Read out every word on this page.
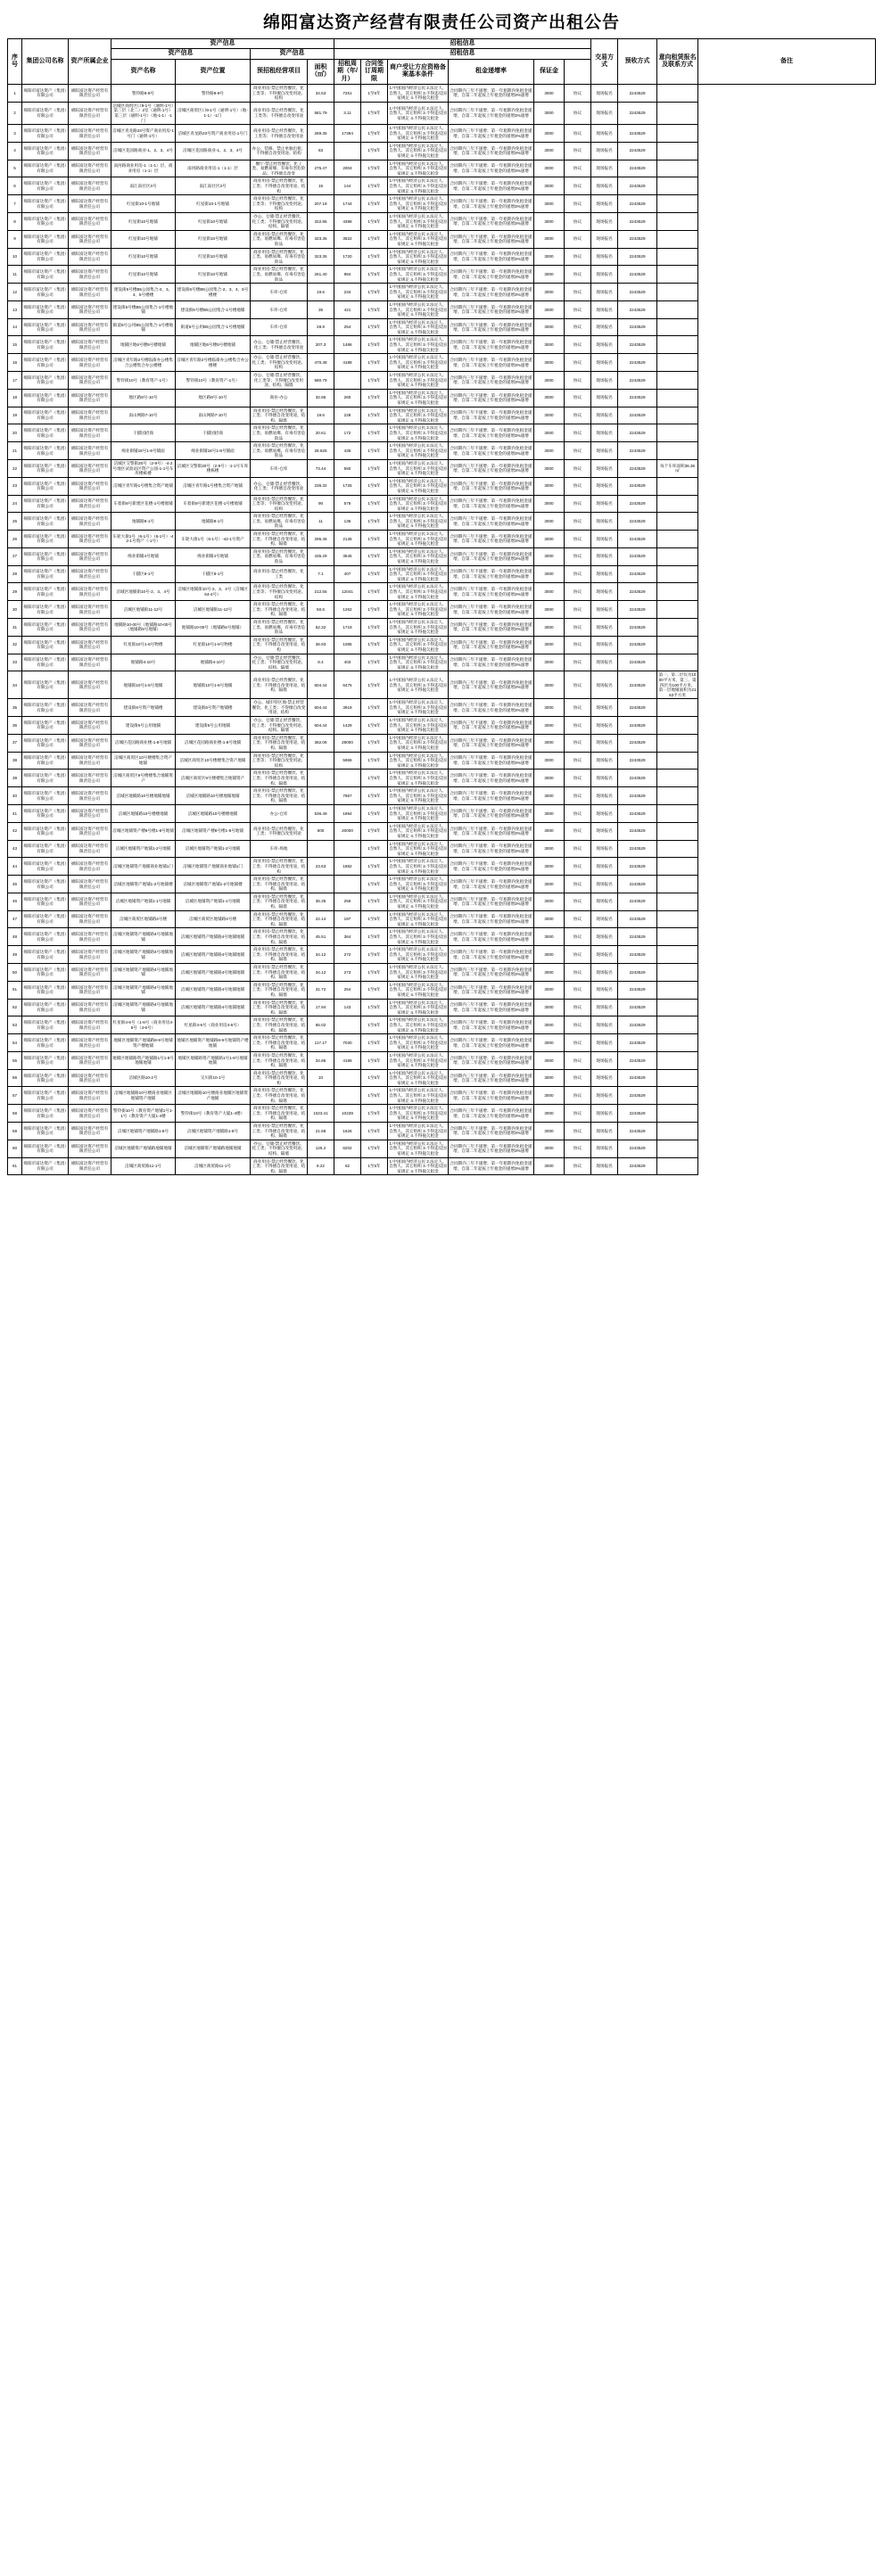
绵阳富达资产经营有限责任公司资产出租公告
序号	集团公司名称	资产所属企业	资产信息				招租信息						交易方式	预收方式	意向租赁报名及联系方式	备注
			资产信息		资产信息		招租信息									
			资产名称	资产位置	预招租经营项目	面积（㎡）	招租周期（年/月）	合同签订周期限	商户受让方应资格备案基本条件	租金递增率	保证金					
1	绵阳市富达资产（集团）有限公司	绵阳富达资产经营有限责任公司	警铃路9-9号	警铃路9-9号	商业用房-禁止经营餐饮、化工类等；不得擅自改变用途、结构	34.53	7251	1至5年	1.中国国内经济公民 2.法定人、自然人、其它组织 3.不得违反国家规定 4.不得拖欠租金	合同期内三年不递增；第一年租期内免租金递增，自第二年起按上年租金的递增3%递增	3000	协议	现场报名	2243529		
2	绵阳市富达资产（集团）有限公司	绵阳富达资产经营有限责任公司	涪城区商贸区口9-1号（通明-1号）第三层（北二）2室（通明-1号）第三层（通明-1号）（地-1-1）-1门	涪城区商贸区口9-1号（通明-1号）（地-1-1）-1门	商业用房-禁止经营餐饮、化工类等；不得擅自改变用途	581.79	3.11	1至5年	1.中国国内经济公民 2.法定人、自然人、其它组织 3.不得违反国家规定 4.不得拖欠租金	合同期内三年不递增；第一年租期内免租金递增，自第二年起按上年租金的递增3%递增	3000	协议	现场报名	2243529		
3	绵阳市富达资产（集团）有限公司	绵阳富达资产经营有限责任公司	涪城区青龙路23号资产商业用房-1号门（通明-1号）	涪城区青龙路23号资产商业用房-1号门	商业用房-禁止经营餐饮、化工类等；不得擅自改变用途	269.35	17394	1至5年	1.中国国内经济公民 2.法定人、自然人、其它组织 3.不得违反国家规定 4.不得拖欠租金	合同期内三年不递增；第一年租期内免租金递增，自第二年起按上年租金的递增3%递增	3000	协议	现场报名	2243529		
4	绵阳市富达资产（集团）有限公司	绵阳富达资产经营有限责任公司	涪城区花园路商业-1、2、3、4号	涪城区花园路商业-1、2、3、4号	办公、装修、禁止单独出租；不得擅自改变用途、结构	83		1至5年	1.中国国内经济公民 2.法定人、自然人、其它组织 3.不得违反国家规定 4.不得拖欠租金	合同期内三年不递增；第一年租期内免租金递增，自第二年起按上年租金的递增3%递增	3000	协议	现场报名	2243529		
5	绵阳市富达资产（集团）有限公司	绵阳富达资产经营有限责任公司	南河路商业用房-1（1-1）层、商业用房（1-1）层	南河路商业用房-1（1-1）层	餐厅-禁止经营餐饮、化工类、易燃易爆、有毒有害危险品；不得擅自改变	275.47	2004	1至5年	1.中国国内经济公民 2.法定人、自然人、其它组织 3.不得违反国家规定 4.不得拖欠租金	合同期内三年不递增；第一年租期内免租金递增，自第二年起按上年租金的递增3%递增	3000	协议	现场报名	2243529		
6	绵阳市富达资产（集团）有限公司	绵阳富达资产经营有限责任公司	南江南社区3号	南江南社区3号	商业用房-禁止经营餐饮、化工类；不得擅自改变用途、结构	15	144	1至5年	1.中国国内经济公民 2.法定人、自然人、其它组织 3.不得违反国家规定 4.不得拖欠租金	合同期内三年不递增；第一年租期内免租金递增，自第二年起按上年租金的递增3%递增	3000	协议	现场报名	2243529		
7	绵阳市富达资产（集团）有限公司	绵阳富达资产经营有限责任公司	红星街10-1号地铺	红星街10-1号地铺	商业用房-禁止经营餐饮、化工类等；不得擅自改变用途、结构	207.18	1744	1至5年	1.中国国内经济公民 2.法定人、自然人、其它组织 3.不得违反国家规定 4.不得拖欠租金	合同期内三年不递增；第一年租期内免租金递增，自第二年起按上年租金的递增3%递增	3000	协议	现场报名	2243529		
8	绵阳市富达资产（集团）有限公司	绵阳富达资产经营有限责任公司	红星街10号地铺	红星街10号地铺	办公、仓储-禁止经营餐饮、化工类；不得擅自改变用途、结构、隔墙	322.95	4398	1至5年	1.中国国内经济公民 2.法定人、自然人、其它组织 3.不得违反国家规定 4.不得拖欠租金	合同期内三年不递增；第一年租期内免租金递增，自第二年起按上年租金的递增3%递增	3000	协议	现场报名	2243529		
9	绵阳市富达资产（集团）有限公司	绵阳富达资产经营有限责任公司	红星街10号地铺	红星街10号地铺	商业用房-禁止经营餐饮、化工类、易燃易爆、有毒有害危险品	323.35	3622	1至5年	1.中国国内经济公民 2.法定人、自然人、其它组织 3.不得违反国家规定 4.不得拖欠租金	合同期内三年不递增；第一年租期内免租金递增，自第二年起按上年租金的递增3%递增	3000	协议	现场报名	2243529		
10	绵阳市富达资产（集团）有限公司	绵阳富达资产经营有限责任公司	红星街10号地铺	红星街10号地铺	商业用房-禁止经营餐饮、化工类、易燃易爆、有毒有害危险品	323.35	1720	1至5年	1.中国国内经济公民 2.法定人、自然人、其它组织 3.不得违反国家规定 4.不得拖欠租金	合同期内三年不递增；第一年租期内免租金递增，自第二年起按上年租金的递增3%递增	3000	协议	现场报名	2243529		
11	绵阳市富达资产（集团）有限公司	绵阳富达资产经营有限责任公司	红星街10号地铺	红星街10号地铺	商业用房-禁止经营餐饮、化工类、易燃易爆、有毒有害危险品	261.40	984	1至5年	1.中国国内经济公民 2.法定人、自然人、其它组织 3.不得违反国家规定 4.不得拖欠租金	合同期内三年不递增；第一年租期内免租金递增，自第二年起按上年租金的递增3%递增	3000	协议	现场报名	2243529		
12	绵阳市富达资产（集团）有限公司	绵阳富达资产经营有限责任公司	建设街6号楼B5公园集合-2、3、4、5号楼楼	建设街6号楼B5公园集合-2、3、4、5号楼楼	车库-仓库	19.5	234	1至5年	1.中国国内经济公民 2.法定人、自然人、其它组织 3.不得违反国家规定 4.不得拖欠租金	合同期内三年不递增；第一年租期内免租金递增，自第二年起按上年租金的递增3%递增	3000	协议	现场报名	2243529		
13	绵阳市富达资产（集团）有限公司	绵阳富达资产经营有限责任公司	建设街6号楼B5公园集合-1号楼地铺	建设街6号楼B5公园集合-1号楼地铺	车库-仓库	35	421	1至5年	1.中国国内经济公民 2.法定人、自然人、其它组织 3.不得违反国家规定 4.不得拖欠租金	合同期内三年不递增；第一年租期内免租金递增，自第二年起按上年租金的递增3%递增	3000	协议	现场报名	2243529		
14	绵阳市富达资产（集团）有限公司	绵阳富达资产经营有限责任公司	街道6号公用B5公园集合-1号楼地铺	街道6号公用B5公园集合-1号楼地铺	车库-仓库	28.9	254	1至5年	1.中国国内经济公民 2.法定人、自然人、其它组织 3.不得违反国家规定 4.不得拖欠租金	合同期内三年不递增；第一年租期内免租金递增，自第二年起按上年租金的递增3%递增	3000	协议	现场报名	2243529		
15	绵阳市富达资产（集团）有限公司	绵阳富达资产经营有限责任公司	地铺区地6号楼5号楼地铺	地铺区地6号楼5号楼地铺	办公、仓储-禁止经营餐饮、化工类；不得擅自改变用途	207.3	1486	1至5年	1.中国国内经济公民 2.法定人、自然人、其它组织 3.不得违反国家规定 4.不得拖欠租金	合同期内三年不递增；第一年租期内免租金递增，自第二年起按上年租金的递增3%递增	3000	协议	现场报名	2243529		
16	绵阳市富达资产（集团）有限公司	绵阳富达资产经营有限责任公司	涪城区青年路2号楼临街办公楼集合公楼集合办公楼楼	涪城区青年路2号楼临街办公楼集合办公楼楼	办公、仓储-禁止经营餐饮、化工类；不得擅自改变用途、结构	470.48	4188	1至5年	1.中国国内经济公民 2.法定人、自然人、其它组织 3.不得违反国家规定 4.不得拖欠租金	合同期内三年不递增；第一年租期内免租金递增，自第二年起按上年租金的递增3%递增	3000	协议	现场报名	2243529		
17	绵阳市富达资产（集团）有限公司	绵阳富达资产经营有限责任公司	警铃街10号（教育资产-1号）	警铃街10号（教育资产-1号）	办公、仓储-禁止经营餐饮、化工类等；不得擅自改变用途、结构、隔墙	580.79		1至5年	1.中国国内经济公民 2.法定人、自然人、其它组织 3.不得违反国家规定 4.不得拖欠租金	合同期内三年不递增；第一年租期内免租金递增，自第二年起按上年租金的递增3%递增	3000	协议	现场报名	2243529		
18	绵阳市富达资产（集团）有限公司	绵阳富达资产经营有限责任公司	地区路8号-10号	地区路8号-10号	商业-办公	32.85	260	1至5年	1.中国国内经济公民 2.法定人、自然人、其它组织 3.不得违反国家规定 4.不得拖欠租金	合同期内三年不递增；第一年租期内免租金递增，自第二年起按上年租金的递增3%递增	3000	协议	现场报名	2243529		
19	绵阳市富达资产（集团）有限公司	绵阳富达资产经营有限责任公司	南山网路7-10号	南山网路7-10号	商业用房-禁止经营餐饮、化工类；不得擅自改变用途、结构、隔墙	19.6	228	1至5年	1.中国国内经济公民 2.法定人、自然人、其它组织 3.不得违反国家规定 4.不得拖欠租金	合同期内三年不递增；第一年租期内免租金递增，自第二年起按上年租金的递增3%递增	3000	协议	现场报名	2243529		
20	绵阳市富达资产（集团）有限公司	绵阳富达资产经营有限责任公司	干猫园招商	干猫园招商	商业用房-禁止经营餐饮、化工类、易燃易爆、有毒有害危险品	20.61	172	1至5年	1.中国国内经济公民 2.法定人、自然人、其它组织 3.不得违反国家规定 4.不得拖欠租金	合同期内三年不递增；第一年租期内免租金递增，自第二年起按上年租金的递增3%递增	3000	协议	现场报名	2243529		
21	绵阳市富达资产（集团）有限公司	绵阳富达资产经营有限责任公司	绵业街铺18号1-8号铺面	绵业街铺18号1-8号铺面	商业用房-禁止经营餐饮、化工类、易燃易爆、有毒有害危险品	28.625	435	1至5年	1.中国国内经济公民 2.法定人、自然人、其它组织 3.不得违反国家规定 4.不得拖欠租金	合同期内三年不递增；第一年租期内免租金递增，自第二年起按上年租金的递增3%递增	3000	协议	现场报名	2243529		
22	绵阳市富达资产（集团）有限公司	绵阳富达资产经营有限责任公司	涪城区交警街20号（2-9号）-4-2号地区试验站区资产公园-1-1号车库楼栋楼	涪城区交警街20号（2-9号）-1-1号车库楼栋楼	车库-仓库	73.44	550	1至5年	1.中国国内经济公民 2.法定人、自然人、其它组织 3.不得违反国家规定 4.不得拖欠租金	合同期内三年不递增；第一年租期内免租金递增，自第二年起按上年租金的递增3%递增	3000	协议	现场报名	2243529	每个车库面积36.36㎡	
23	绵阳市富达资产（集团）有限公司	绵阳富达资产经营有限责任公司	涪城区青年路1号楼集合资产地铺	涪城区青年路1号楼集合资产地铺	办公、仓储-禁止经营餐饮、化工类；不得擅自改变用途	236.32	1725	1至5年	1.中国国内经济公民 2.法定人、自然人、其它组织 3.不得违反国家规定 4.不得拖欠租金	合同期内三年不递增；第一年租期内免租金递增，自第二年起按上年租金的递增3%递增	3000	协议	现场报名	2243529		
24	绵阳市富达资产（集团）有限公司	绵阳富达资产经营有限责任公司	车着街8号新建区花楼-1号楼地铺	车着街8号新建区花楼-1号楼地铺	商业用房-禁止经营餐饮、化工类等；不得擅自改变用途、结构	90	576	1至5年	1.中国国内经济公民 2.法定人、自然人、其它组织 3.不得违反国家规定 4.不得拖欠租金	合同期内三年不递增；第一年租期内免租金递增，自第二年起按上年租金的递增3%递增	3000	协议	现场报名	2243529		
25	绵阳市富达资产（集团）有限公司	绵阳富达资产经营有限责任公司	地铺路8-1号	地铺路8-1号	商业用房-禁止经营餐饮、化工类、易燃易爆、有毒有害危险品	11	136	1至5年	1.中国国内经济公民 2.法定人、自然人、其它组织 3.不得违反国家规定 4.不得拖欠租金	合同期内三年不递增；第一年租期内免租金递增，自第二年起按上年租金的递增3%递增	3000	协议	现场报名	2243529		
26	绵阳市富达资产（集团）有限公司	绵阳富达资产经营有限责任公司	车轮大街1号（6-1号）（6-1号）-42-1号资产（-1号）	车轮大街1号（6-1号）-42-1号资产	商业用房-禁止经营餐饮、化工类；不得擅自改变用途、结构、隔墙	295.46	2136	1至5年	1.中国国内经济公民 2.法定人、自然人、其它组织 3.不得违反国家规定 4.不得拖欠租金	合同期内三年不递增；第一年租期内免租金递增，自第二年起按上年租金的递增3%递增	3000	协议	现场报名	2243529		
27	绵阳市富达资产（集团）有限公司	绵阳富达资产经营有限责任公司	绵业街铺4号地铺	绵业街铺4号地铺	商业用房-禁止经营餐饮、化工类、易燃易爆、有毒有害危险品	435.29	3545	1至5年	1.中国国内经济公民 2.法定人、自然人、其它组织 3.不得违反国家规定 4.不得拖欠租金	合同期内三年不递增；第一年租期内免租金递增，自第二年起按上年租金的递增3%递增	3000	协议	现场报名	2243529		
28	绵阳市富达资产（集团）有限公司	绵阳富达资产经营有限责任公司	干猫区8-1号	干猫区8-1号	商业用房-禁止经营餐饮、化工类	7.1	407	1至5年	1.中国国内经济公民 2.法定人、自然人、其它组织 3.不得违反国家规定 4.不得拖欠租金	合同期内三年不递增；第一年租期内免租金递增，自第二年起按上年租金的递增3%递增	3000	协议	现场报名	2243529		
29	绵阳市富达资产（集团）有限公司	绵阳富达资产经营有限责任公司	涪城区地铺街10号-2、3、4号	涪城区地铺街10号-2、3、4号（涪城区64-4号）	商业用房-禁止经营餐饮、化工类等；不得擅自改变用途、结构	212.55	12041	1至5年	1.中国国内经济公民 2.法定人、自然人、其它组织 3.不得违反国家规定 4.不得拖欠租金	合同期内三年不递增；第一年租期内免租金递增，自第二年起按上年租金的递增3%递增	3000	协议	现场报名	2243529		
30	绵阳市富达资产（集团）有限公司	绵阳富达资产经营有限责任公司	涪城区地铺街11-12号	涪城区地铺街11-12号	商业用房-禁止经营餐饮、化工类；不得擅自改变用途、结构、隔墙	50.6	1262	1至5年	1.中国国内经济公民 2.法定人、自然人、其它组织 3.不得违反国家规定 4.不得拖欠租金	合同期内三年不递增；第一年租期内免租金递增，自第二年起按上年租金的递增3%递增	3000	协议	现场报名	2243529		
31	绵阳市富达资产（集团）有限公司	绵阳富达资产经营有限责任公司	地铺路10-00号（地铺路10-00号（地铺路5号地铺）	地铺路10-00号（地铺路5号地铺）	商业用房-禁止经营餐饮、化工类、易燃易爆、有毒有害危险品	52.32	1719	1至5年	1.中国国内经济公民 2.法定人、自然人、其它组织 3.不得违反国家规定 4.不得拖欠租金	合同期内三年不递增；第一年租期内免租金递增，自第二年起按上年租金的递增3%递增	3000	协议	现场报名	2243529		
32	绵阳市富达资产（集团）有限公司	绵阳富达资产经营有限责任公司	红星街10号1-6号物楼	红星街10号1-6号物楼	商业用房-禁止经营餐饮、化工类；不得擅自改变用途、结构	36.93	1085	1至5年	1.中国国内经济公民 2.法定人、自然人、其它组织 3.不得违反国家规定 4.不得拖欠租金	合同期内三年不递增；第一年租期内免租金递增，自第二年起按上年租金的递增3%递增	3000	协议	现场报名	2243529		
33	绵阳市富达资产（集团）有限公司	绵阳富达资产经营有限责任公司	地铺路4-10号	地铺路4-10号	办公、仓储-禁止经营餐饮、化工类；不得擅自改变用途、结构、隔墙	8.4	403	1至5年	1.中国国内经济公民 2.法定人、自然人、其它组织 3.不得违反国家规定 4.不得拖欠租金	合同期内三年不递增；第一年租期内免租金递增，自第二年起按上年租金的递增3%递增	3000	协议	现场报名	2243529		
34	绵阳市富达资产（集团）有限公司	绵阳富达资产经营有限责任公司	地铺街10号1-6号地铺	地铺街10号1-6号地铺	商业用房-禁止经营餐饮、化工类；不得擅自改变用途、结构、隔墙	604.44	6475	1至5年	1.中国国内经济公民 2.法定人、自然人、其它组织 3.不得违反国家规定 4.不得拖欠租金	合同期内三年不递增；第一年租期内免租金递增，自第二年起按上年租金的递增3%递增	3000	协议	现场报名	2243529	第一、第二层仅为1000平方米，第三、第四层为100平方米，第一层地铺面积为2163平方米	
35	绵阳市富达资产（集团）有限公司	绵阳富达资产经营有限责任公司	建设街6号资产地铺楼	建设街6号资产地铺楼	办公、城市特区地-禁止经营餐饮、化工类；不得擅自改变用途、结构	604.44	3919	1至5年	1.中国国内经济公民 2.法定人、自然人、其它组织 3.不得违反国家规定 4.不得拖欠租金	合同期内三年不递增；第一年租期内免租金递增，自第二年起按上年租金的递增3%递增	3000	协议	现场报名	2243529		
36	绵阳市富达资产（集团）有限公司	绵阳富达资产经营有限责任公司	建设街6号公用地铺	建设街6号公用地铺	办公、仓储-禁止经营餐饮、化工类；不得擅自改变用途、结构、隔墙	604.44	1429	1至5年	1.中国国内经济公民 2.法定人、自然人、其它组织 3.不得违反国家规定 4.不得拖欠租金	合同期内三年不递增；第一年租期内免租金递增，自第二年起按上年租金的递增3%递增	3000	协议	现场报名	2243529		
37	绵阳市富达资产（集团）有限公司	绵阳富达资产经营有限责任公司	涪城区花园路商业楼-1-8号地铺	涪城区花园路商业楼-1-8号地铺	商业用房-禁止经营餐饮、化工类；不得擅自改变用途、结构、隔墙	382.06	29000	1至5年	1.中国国内经济公民 2.法定人、自然人、其它组织 3.不得违反国家规定 4.不得拖欠租金	合同期内三年不递增；第一年租期内免租金递增，自第二年起按上年租金的递增3%递增	3000	协议	现场报名	2243529		
38	绵阳市富达资产（集团）有限公司	绵阳富达资产经营有限责任公司	涪城区商贸区10号楼楼集合资产地铺	涪城区商贸区10号楼楼集合资产地铺	商业用房-禁止经营餐饮、化工类等；不得擅自改变用途、结构		5966	1至5年	1.中国国内经济公民 2.法定人、自然人、其它组织 3.不得违反国家规定 4.不得拖欠租金	合同期内三年不递增；第一年租期内免租金递增，自第二年起按上年租金的递增3%递增	3000	协议	现场报名	2243529		
39	绵阳市富达资产（集团）有限公司	绵阳富达资产经营有限责任公司	涪城区商贸区9号楼楼集合地铺资产	涪城区商贸区9号楼楼集合地铺资产	商业用房-禁止经营餐饮、化工类；不得擅自改变用途、结构、隔墙			1至5年	1.中国国内经济公民 2.法定人、自然人、其它组织 3.不得违反国家规定 4.不得拖欠租金	合同期内三年不递增；第一年租期内免租金递增，自第二年起按上年租金的递增3%递增	3000	协议	现场报名	2243529		
40	绵阳市富达资产（集团）有限公司	绵阳富达资产经营有限责任公司	涪城区地铺路10号楼地铺地铺	涪城区地铺路10号楼地铺地铺	商业用房-禁止经营餐饮、化工类；不得擅自改变用途、结构、隔墙		7957	1至5年	1.中国国内经济公民 2.法定人、自然人、其它组织 3.不得违反国家规定 4.不得拖欠租金	合同期内三年不递增；第一年租期内免租金递增，自第二年起按上年租金的递增3%递增	3000	协议	现场报名	2243529		
41	绵阳市富达资产（集团）有限公司	绵阳富达资产经营有限责任公司	涪城区地铺路10号楼楼地铺	涪城区地铺路10号楼楼地铺	办公-仓库	536.49	1894	1至5年	1.中国国内经济公民 2.法定人、自然人、其它组织 3.不得违反国家规定 4.不得拖欠租金	合同期内三年不递增；第一年租期内免租金递增，自第二年起按上年租金的递增3%递增	3000	协议	现场报名	2243529		
42	绵阳市富达资产（集团）有限公司	绵阳富达资产经营有限责任公司	涪城区地铺资产楼8号楼1-8号地铺	涪城区地铺资产楼8号楼1-8号地铺	商业用房-禁止经营餐饮、化工类；不得擅自改变用途	600	20000	1至5年	1.中国国内经济公民 2.法定人、自然人、其它组织 3.不得违反国家规定 4.不得拖欠租金	合同期内三年不递增；第一年租期内免租金递增，自第二年起按上年租金的递增3%递增	3000	协议	现场报名	2243529		
43	绵阳市富达资产（集团）有限公司	绵阳富达资产经营有限责任公司	涪城区地铺资产地铺1-2号地铺	涪城区地铺资产地铺1-2号地铺	车库-场地			1至5年	1.中国国内经济公民 2.法定人、自然人、其它组织 3.不得违反国家规定 4.不得拖欠租金	合同期内三年不递增；第一年租期内免租金递增，自第二年起按上年租金的递增3%递增	3000	协议	现场报名	2243529		
44	绵阳市富达资产（集团）有限公司	绵阳富达资产经营有限责任公司	涪城区地铺资产地铺商业地铺1门	涪城区地铺资产地铺商业地铺1门	商业用房-禁止经营餐饮、化工类；不得擅自改变用途、结构	23.63	1882	1至5年	1.中国国内经济公民 2.法定人、自然人、其它组织 3.不得违反国家规定 4.不得拖欠租金	合同期内三年不递增；第一年租期内免租金递增，自第二年起按上年租金的递增3%递增	3000	协议	现场报名	2243529		
45	绵阳市富达资产（集团）有限公司	绵阳富达资产经营有限责任公司	涪城区地铺资产地铺1-2号地铺楼	涪城区地铺资产地铺1-2号地铺楼	商业用房-禁止经营餐饮、化工类；不得擅自改变用途、结构、隔墙			1至5年	1.中国国内经济公民 2.法定人、自然人、其它组织 3.不得违反国家规定 4.不得拖欠租金	合同期内三年不递增；第一年租期内免租金递增，自第二年起按上年租金的递增3%递增	3000	协议	现场报名	2243529		
46	绵阳市富达资产（集团）有限公司	绵阳富达资产经营有限责任公司	涪城区地铺资产地铺1-1号地铺	涪城区地铺资产地铺1-1号地铺	商业用房-禁止经营餐饮、化工类；不得擅自改变用途、结构、隔墙	35.35	256	1至5年	1.中国国内经济公民 2.法定人、自然人、其它组织 3.不得违反国家规定 4.不得拖欠租金	合同期内三年不递增；第一年租期内免租金递增，自第二年起按上年租金的递增3%递增	3000	协议	现场报名	2243529		
47	绵阳市富达资产（集团）有限公司	绵阳富达资产经营有限责任公司	涪城区商贸区地铺路4号楼	涪城区商贸区地铺路4号楼	商业用房-禁止经营餐饮、化工类；不得擅自改变用途、结构、隔墙	22.14	197	1至5年	1.中国国内经济公民 2.法定人、自然人、其它组织 3.不得违反国家规定 4.不得拖欠租金	合同期内三年不递增；第一年租期内免租金递增，自第二年起按上年租金的递增3%递增	3000	协议	现场报名	2243529		
48	绵阳市富达资产（集团）有限公司	绵阳富达资产经营有限责任公司	涪城区地铺资产地铺路4号地铺地铺	涪城区地铺资产地铺路4号地铺地铺	商业用房-禁止经营餐饮、化工类；不得擅自改变用途、结构、隔墙	45.51	364	1至5年	1.中国国内经济公民 2.法定人、自然人、其它组织 3.不得违反国家规定 4.不得拖欠租金	合同期内三年不递增；第一年租期内免租金递增，自第二年起按上年租金的递增3%递增	3000	协议	现场报名	2243529		
49	绵阳市富达资产（集团）有限公司	绵阳富达资产经营有限责任公司	涪城区地铺资产地铺路4号地铺地铺	涪城区地铺资产地铺路4号地铺地铺	商业用房-禁止经营餐饮、化工类；不得擅自改变用途、结构、隔墙	34.12	272	1至5年	1.中国国内经济公民 2.法定人、自然人、其它组织 3.不得违反国家规定 4.不得拖欠租金	合同期内三年不递增；第一年租期内免租金递增，自第二年起按上年租金的递增3%递增	3000	协议	现场报名	2243529		
50	绵阳市富达资产（集团）有限公司	绵阳富达资产经营有限责任公司	涪城区地铺资产地铺路4号地铺地铺	涪城区地铺资产地铺路4号地铺地铺	商业用房-禁止经营餐饮、化工类；不得擅自改变用途、结构、隔墙	34.12	273	1至5年	1.中国国内经济公民 2.法定人、自然人、其它组织 3.不得违反国家规定 4.不得拖欠租金	合同期内三年不递增；第一年租期内免租金递增，自第二年起按上年租金的递增3%递增	3000	协议	现场报名	2243529		
51	绵阳市富达资产（集团）有限公司	绵阳富达资产经营有限责任公司	涪城区地铺资产地铺路4号地铺地铺	涪城区地铺资产地铺路4号地铺地铺	商业用房-禁止经营餐饮、化工类；不得擅自改变用途、结构、隔墙	31.72	254	1至5年	1.中国国内经济公民 2.法定人、自然人、其它组织 3.不得违反国家规定 4.不得拖欠租金	合同期内三年不递增；第一年租期内免租金递增，自第二年起按上年租金的递增3%递增	3000	协议	现场报名	2243529		
52	绵阳市富达资产（集团）有限公司	绵阳富达资产经营有限责任公司	涪城区地铺资产地铺路4号地铺地铺	涪城区地铺资产地铺路4号地铺地铺	商业用房-禁止经营餐饮、化工类；不得擅自改变用途、结构、隔墙	17.94	143	1至5年	1.中国国内经济公民 2.法定人、自然人、其它组织 3.不得违反国家规定 4.不得拖欠租金	合同期内三年不递增；第一年租期内免租金递增，自第二年起按上年租金的递增3%递增	3000	协议	现场报名	2243529		
53	绵阳市富达资产（集团）有限公司	绵阳富达资产经营有限责任公司	红星街4-6号（1-6号（商业用房4-6号（4-6号）	红星街4-6号（商业用房4-6号）	商业用房-禁止经营餐饮、化工类；不得擅自改变用途、结构、隔墙	65.02		1至5年	1.中国国内经济公民 2.法定人、自然人、其它组织 3.不得违反国家规定 4.不得拖欠租金	合同期内三年不递增；第一年租期内免租金递增，自第二年起按上年租金的递增3%递增	3000	协议	现场报名	2243529		
54	绵阳市富达资产（集团）有限公司	绵阳富达资产经营有限责任公司	地铺区地铺资产地铺路8-9号地铺资产楼地铺	地铺区地铺资产地铺路8-9号地铺资产楼地铺	商业用房-禁止经营餐饮、化工类；不得擅自改变用途、结构、隔墙	117.17	7030	1至5年	1.中国国内经济公民 2.法定人、自然人、其它组织 3.不得违反国家规定 4.不得拖欠租金	合同期内三年不递增；第一年租期内免租金递增，自第二年起按上年租金的递增3%递增	3000	协议	现场报名	2243529		
55	绵阳市富达资产（集团）有限公司	绵阳富达资产经营有限责任公司	地铺区地铺路资产地铺路1号1-8号地铺地铺	地铺区地铺路资产地铺路1号1-8号地铺地铺	商业用房-禁止经营餐饮、化工类；不得擅自改变用途、结构、隔墙	34.85	4186	1至5年	1.中国国内经济公民 2.法定人、自然人、其它组织 3.不得违反国家规定 4.不得拖欠租金	合同期内三年不递增；第一年租期内免租金递增，自第二年起按上年租金的递增3%递增	3000	协议	现场报名	2243529		
56	绵阳市富达资产（集团）有限公司	绵阳富达资产经营有限责任公司	涪城区路10-2号	交川街10-1号	商业用房-禁止经营餐饮、化工类；不得擅自改变用途、结构	10		1至5年	1.中国国内经济公民 2.法定人、自然人、其它组织 3.不得违反国家规定 4.不得拖欠租金	合同期内三年不递增；第一年租期内免租金递增，自第二年起按上年租金的递增3%递增	3000	协议	现场报名	2243529		
57	绵阳市富达资产（集团）有限公司	绵阳富达资产经营有限责任公司	涪城区地铺路10号楼商业地铺区地铺资产地铺	涪城区地铺路10号楼商业地铺区地铺资产地铺	商业用房-禁止经营餐饮、化工类；不得擅自改变用途、结构、隔墙			1至5年	1.中国国内经济公民 2.法定人、自然人、其它组织 3.不得违反国家规定 4.不得拖欠租金	合同期内三年不递增；第一年租期内免租金递增，自第二年起按上年租金的递增3%递增	3000	协议	现场报名	2243529		
58	绵阳市富达资产（集团）有限公司	绵阳富达资产经营有限责任公司	警铃街10号（教育资产地铺1号1-1号（教育资产大厦1-4楼	警铃街10号（教育资产大厦1-4楼）	商业用房-禁止经营餐饮、化工类；不得擅自改变用途、结构、隔墙	1023.41	10239	1至5年	1.中国国内经济公民 2.法定人、自然人、其它组织 3.不得违反国家规定 4.不得拖欠租金	合同期内三年不递增；第一年租期内免租金递增，自第二年起按上年租金的递增3%递增	3000	协议	现场报名	2243529		
59	绵阳市富达资产（集团）有限公司	绵阳富达资产经营有限责任公司	涪城区地铺资产地铺路1-8号	涪城区地铺资产地铺路1-8号	商业用房-禁止经营餐饮、化工类；不得擅自改变用途、结构、隔墙	21.68	1626	1至5年	1.中国国内经济公民 2.法定人、自然人、其它组织 3.不得违反国家规定 4.不得拖欠租金	合同期内三年不递增；第一年租期内免租金递增，自第二年起按上年租金的递增3%递增	3000	协议	现场报名	2243529		
60	绵阳市富达资产（集团）有限公司	绵阳富达资产经营有限责任公司	涪城区地铺资产地铺路地铺地铺	涪城区地铺资产地铺路地铺地铺	办公、仓储-禁止经营餐饮、化工类；不得擅自改变用途、结构、隔墙	126.2	6202	1至5年	1.中国国内经济公民 2.法定人、自然人、其它组织 3.不得违反国家规定 4.不得拖欠租金	合同期内三年不递增；第一年租期内免租金递增，自第二年起按上年租金的递增3%递增	3000	协议	现场报名	2243529		
61	绵阳市富达资产（集团）有限公司	绵阳富达资产经营有限责任公司	涪城区商贸路11-1号	涪城区商贸路11-1号	商业用房-禁止经营餐饮、化工类；不得擅自改变用途、结构、隔墙	8.22	62	1至5年	1.中国国内经济公民 2.法定人、自然人、其它组织 3.不得违反国家规定 4.不得拖欠租金	合同期内三年不递增；第一年租期内免租金递增，自第二年起按上年租金的递增3%递增	3000	协议	现场报名	2243529		
